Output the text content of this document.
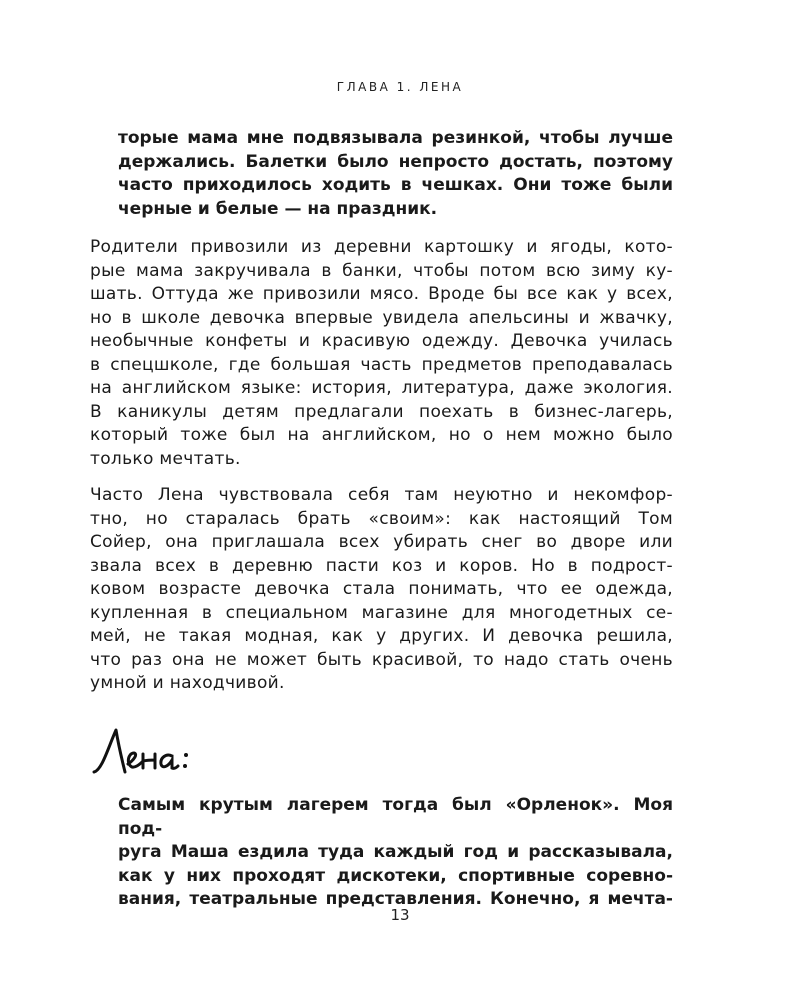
ГЛАВА 1. ЛЕНА
торые мама мне подвязывала резинкой, чтобы лучше
держались. Балетки было непросто достать, поэтому
часто приходилось ходить в чешках. Они тоже были
черные и белые — на праздник.
Родители привозили из деревни картошку и ягоды, кото-
рые мама закручивала в банки, чтобы потом всю зиму ку-
шать. Оттуда же привозили мясо. Вроде бы все как у всех,
но в школе девочка впервые увидела апельсины и жвачку,
необычные конфеты и красивую одежду. Девочка училась
в спецшколе, где большая часть предметов преподавалась
на английском языке: история, литература, даже экология.
В каникулы детям предлагали поехать в бизнес-лагерь,
который тоже был на английском, но о нем можно было
только мечтать.
Часто Лена чувствовала себя там неуютно и некомфор-
тно, но старалась брать «своим»: как настоящий Том
Сойер, она приглашала всех убирать снег во дворе или
звала всех в деревню пасти коз и коров. Но в подрост-
ковом возрасте девочка стала понимать, что ее одежда,
купленная в специальном магазине для многодетных се-
мей, не такая модная, как у других. И девочка решила,
что раз она не может быть красивой, то надо стать очень
умной и находчивой.
Самым крутым лагерем тогда был «Орленок». Моя под-
руга Маша ездила туда каждый год и рассказывала,
как у них проходят дискотеки, спортивные соревно-
вания, театральные представления. Конечно, я мечта-
13
